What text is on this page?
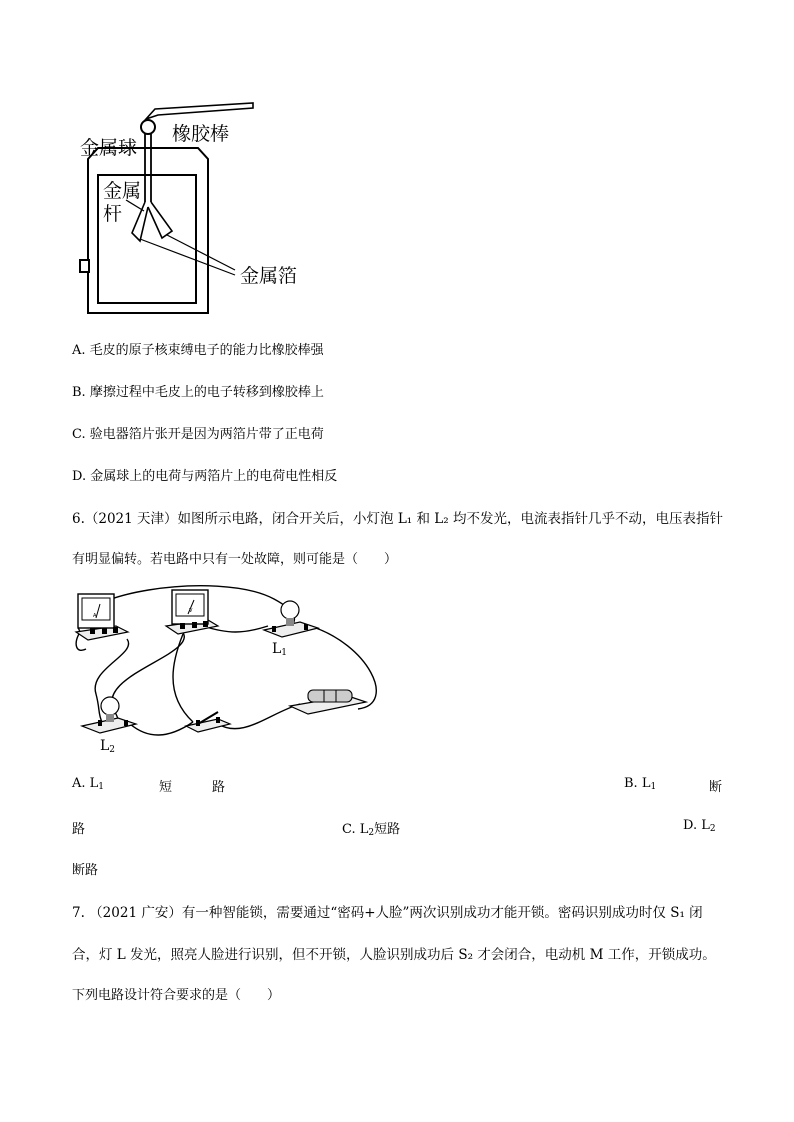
金属球
橡胶棒
金属
杆
金属箔
A. 毛皮的原子核束缚电子的能力比橡胶棒强
B. 摩擦过程中毛皮上的电子转移到橡胶棒上
C. 验电器箔片张开是因为两箔片带了正电荷
D. 金属球上的电荷与两箔片上的电荷电性相反
6.（2021 天津）如图所示电路，闭合开关后，小灯泡 L₁ 和 L₂ 均不发光，电流表指针几乎不动，电压表指针
有明显偏转。若电路中只有一处故障，则可能是（　　）
A
V
$L_1$
$L_2$
A. $L_1$	短	路	B. $L_1$	断
路	C. $L_2$短路	D. $L_2$
断路
7. （2021 广安）有一种智能锁，需要通过“密码+人脸”两次识别成功才能开锁。密码识别成功时仅 S₁ 闭
合，灯 L 发光，照亮人脸进行识别，但不开锁，人脸识别成功后 S₂ 才会闭合，电动机 M 工作，开锁成功。
下列电路设计符合要求的是（　　）
